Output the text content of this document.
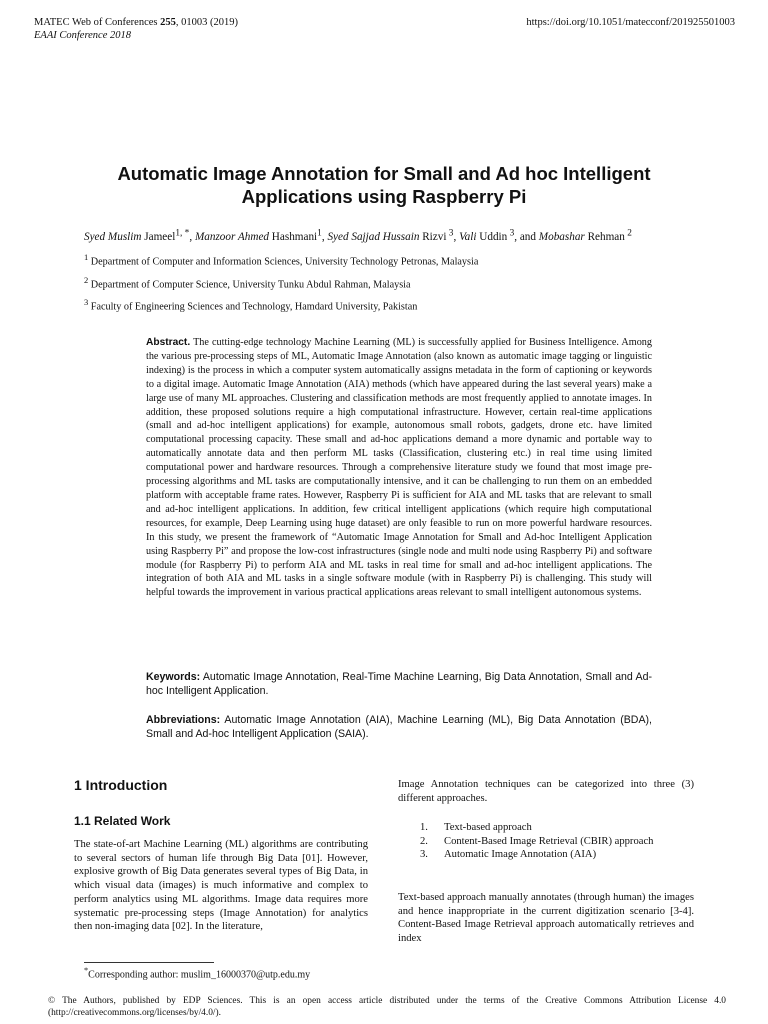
MATEC Web of Conferences 255, 01003 (2019)
EAAI Conference 2018
https://doi.org/10.1051/matecconf/201925501003
Automatic Image Annotation for Small and Ad hoc Intelligent
Applications using Raspberry Pi
Syed Muslim Jameel$^{1, *}$, Manzoor Ahmed Hashmani$^1$, Syed Sajjad Hussain Rizvi $^3$, Vali Uddin $^3$, and Mobashar Rehman $^2$
$^1$ Department of Computer and Information Sciences, University Technology Petronas, Malaysia
$^2$ Department of Computer Science, University Tunku Abdul Rahman, Malaysia
$^3$ Faculty of Engineering Sciences and Technology, Hamdard University, Pakistan
Abstract. The cutting-edge technology Machine Learning (ML) is successfully applied for Business Intelligence. Among the various pre-processing steps of ML, Automatic Image Annotation (also known as automatic image tagging or linguistic indexing) is the process in which a computer system automatically assigns metadata in the form of captioning or keywords to a digital image. Automatic Image Annotation (AIA) methods (which have appeared during the last several years) make a large use of many ML approaches. Clustering and classification methods are most frequently applied to annotate images. In addition, these proposed solutions require a high computational infrastructure. However, certain real-time applications (small and ad-hoc intelligent applications) for example, autonomous small robots, gadgets, drone etc. have limited computational processing capacity. These small and ad-hoc applications demand a more dynamic and portable way to automatically annotate data and then perform ML tasks (Classification, clustering etc.) in real time using limited computational power and hardware resources. Through a comprehensive literature study we found that most image pre-processing algorithms and ML tasks are computationally intensive, and it can be challenging to run them on an embedded platform with acceptable frame rates. However, Raspberry Pi is sufficient for AIA and ML tasks that are relevant to small and ad-hoc intelligent applications. In addition, few critical intelligent applications (which require high computational resources, for example, Deep Learning using huge dataset) are only feasible to run on more powerful hardware resources. In this study, we present the framework of “Automatic Image Annotation for Small and Ad-hoc Intelligent Application using Raspberry Pi” and propose the low-cost infrastructures (single node and multi node using Raspberry Pi) and software module (for Raspberry Pi) to perform AIA and ML tasks in real time for small and ad-hoc intelligent applications. The integration of both AIA and ML tasks in a single software module (with in Raspberry Pi) is challenging. This study will helpful towards the improvement in various practical applications areas relevant to small intelligent autonomous systems.
Keywords: Automatic Image Annotation, Real-Time Machine Learning, Big Data Annotation, Small and Ad-hoc Intelligent Application.
Abbreviations: Automatic Image Annotation (AIA), Machine Learning (ML), Big Data Annotation (BDA), Small and Ad-hoc Intelligent Application (SAIA).
1 Introduction
1.1 Related Work
The state-of-art Machine Learning (ML) algorithms are contributing to several sectors of human life through Big Data [01]. However, explosive growth of Big Data generates several types of Big Data, in which visual data (images) is much informative and complex to perform analytics using ML algorithms. Image data requires more systematic pre-processing steps (Image Annotation) for analytics then non-imaging data [02]. In the literature,
Image Annotation techniques can be categorized into three (3) different approaches.
1. Text-based approach
2. Content-Based Image Retrieval (CBIR) approach
3. Automatic Image Annotation (AIA)
Text-based approach manually annotates (through human) the images and hence inappropriate in the current digitization scenario [3-4]. Content-Based Image Retrieval approach automatically retrieves and index
*Corresponding author: muslim_16000370@utp.edu.my
© The Authors, published by EDP Sciences. This is an open access article distributed under the terms of the Creative Commons Attribution License 4.0 (http://creativecommons.org/licenses/by/4.0/).
